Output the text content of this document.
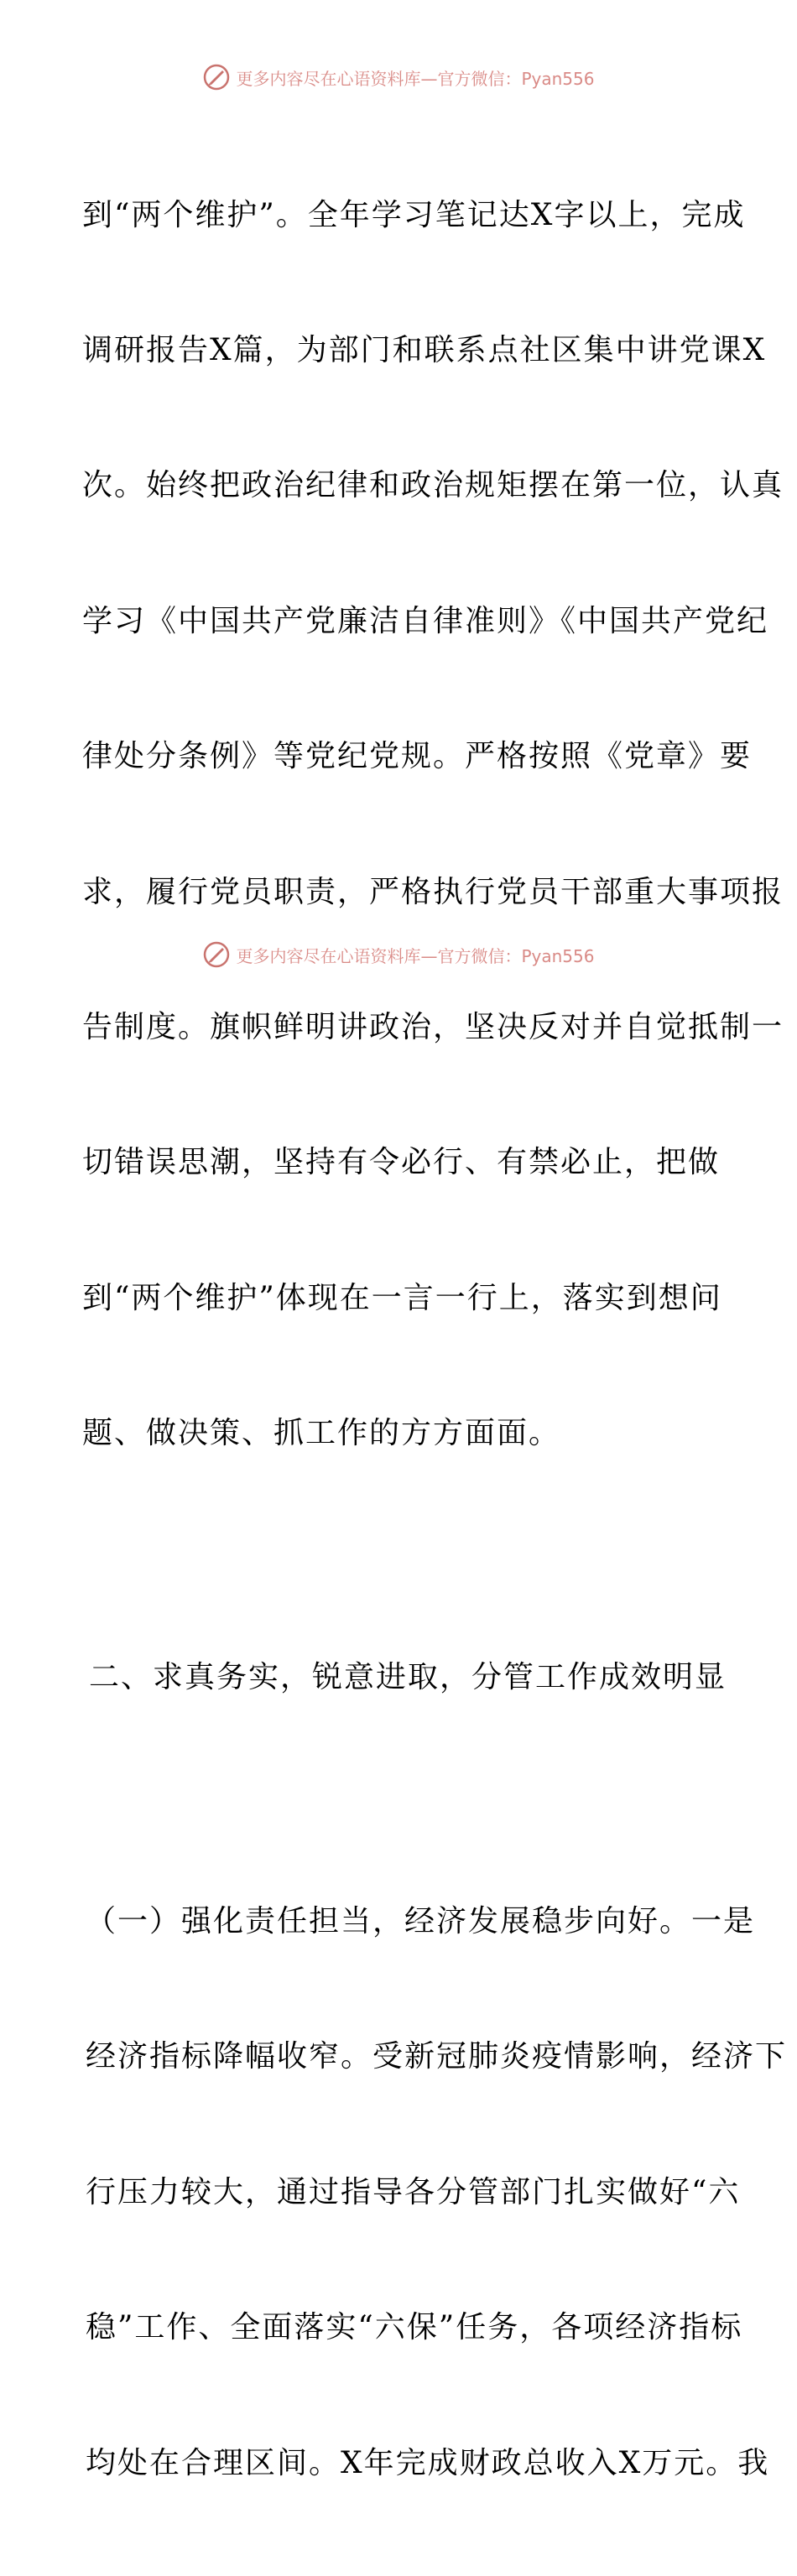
更多内容尽在心语资料库—官方微信：Pyan556

到“两个维护”。全年学习笔记达X字以上，完成

调研报告X篇，为部门和联系点社区集中讲党课X

次。始终把政治纪律和政治规矩摆在第一位，认真

学习《中国共产党廉洁自律准则》《中国共产党纪

律处分条例》等党纪党规。严格按照《党章》要

求，履行党员职责，严格执行党员干部重大事项报

告制度。旗帜鲜明讲政治，坚决反对并自觉抵制一

切错误思潮，坚持有令必行、有禁必止，把做

到“两个维护”体现在一言一行上，落实到想问

题、做决策、抓工作的方方面面。

二、求真务实，锐意进取，分管工作成效明显

（一）强化责任担当，经济发展稳步向好。一是

经济指标降幅收窄。受新冠肺炎疫情影响，经济下

行压力较大，通过指导各分管部门扎实做好“六

稳”工作、全面落实“六保”任务，各项经济指标

均处在合理区间。X年完成财政总收入X万元。我

更多内容尽在心语资料库—官方微信：Pyan556
